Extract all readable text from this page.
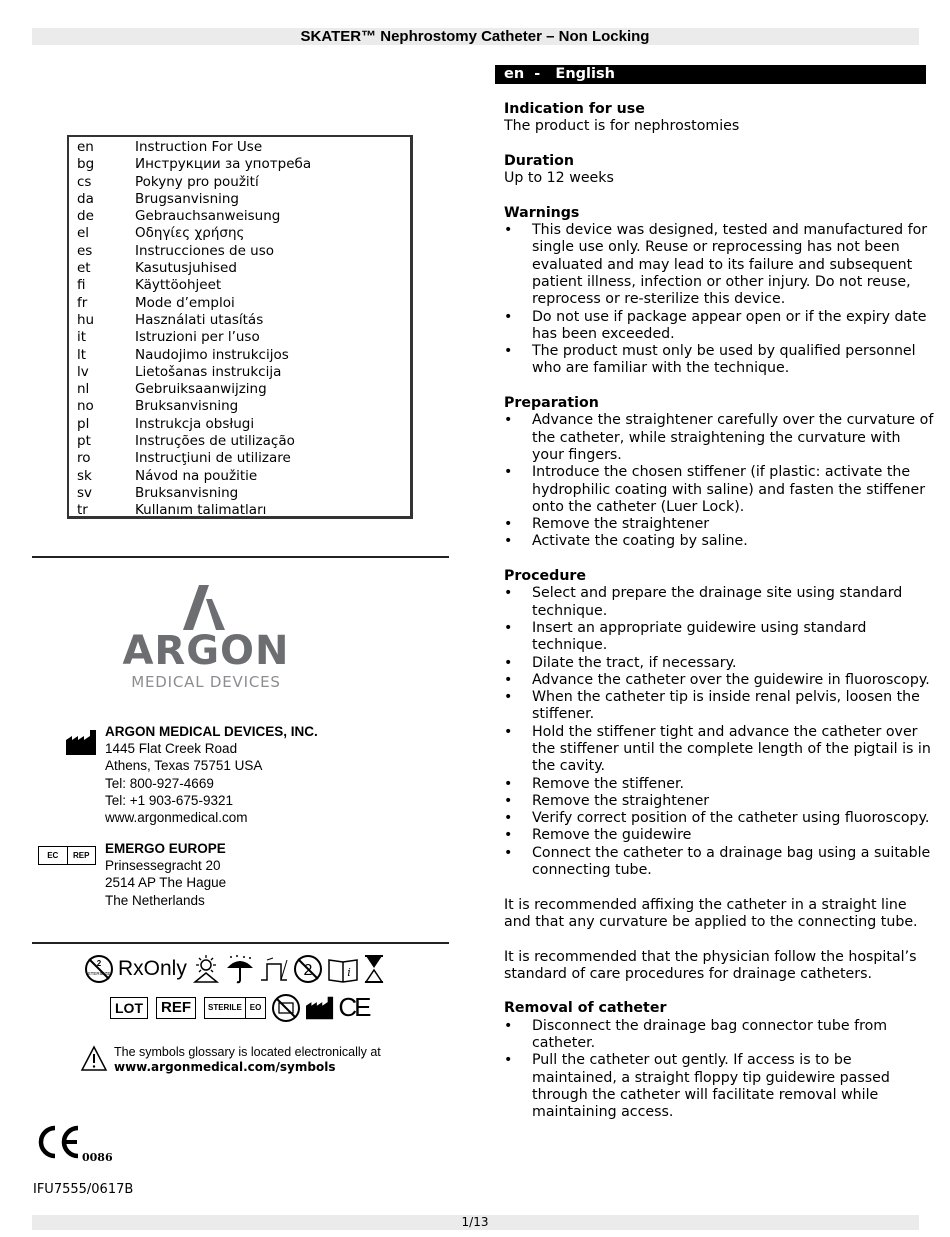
SKATER™ Nephrostomy Catheter – Non Locking
en	Instruction For Use
bg	Инструкции за употреба
cs	Pokyny pro použití
da	Brugsanvisning
de	Gebrauchsanweisung
el	Οδηγίες χρήσης
es	Instrucciones de uso
et	Kasutusjuhised
fi	Käyttöohjeet
fr	Mode d’emploi
hu	Használati utasítás
it	Istruzioni per l’uso
lt	Naudojimo instrukcijos
lv	Lietošanas instrukcija
nl	Gebruiksaanwijzing
no	Bruksanvisning
pl	Instrukcja obsługi
pt	Instruções de utilização
ro	Instrucţiuni de utilizare
sk	Návod na použitie
sv	Bruksanvisning
tr	Kullanım talimatları
ARGON
MEDICAL DEVICES
ARGON MEDICAL DEVICES, INC.
1445 Flat Creek Road
Athens, Texas 75751 USA
Tel: 800-927-4669
Tel: +1 903-675-9321
www.argonmedical.com
EC	REP	EMERGO EUROPE
Prinsessegracht 20
2514 AP The Hague
The Netherlands
2
STERILIZE RxOnly	2	i
LOT	REF	STERILE	EO	CE
The symbols glossary is located electronically at
www.argonmedical.com/symbols
0086
IFU7555/0617B
en  -   English
Indication for use

The product is for nephrostomies

Duration

Up to 12 weeks

Warnings
• This device was designed, tested and manufactured for single use only. Reuse or reprocessing has not been evaluated and may lead to its failure and subsequent patient illness, infection or other injury. Do not reuse, reprocess or re-sterilize this device.
• Do not use if package appear open or if the expiry date has been exceeded.
• The product must only be used by qualified personnel who are familiar with the technique.
Preparation
• Advance the straightener carefully over the curvature of the catheter, while straightening the curvature with your fingers.
• Introduce the chosen stiffener (if plastic: activate the hydrophilic coating with saline) and fasten the stiffener onto the catheter (Luer Lock).
• Remove the straightener
• Activate the coating by saline.
Procedure
• Select and prepare the drainage site using standard technique.
• Insert an appropriate guidewire using standard technique.
• Dilate the tract, if necessary.
• Advance the catheter over the guidewire in fluoroscopy.
• When the catheter tip is inside renal pelvis, loosen the stiffener.
• Hold the stiffener tight and advance the catheter over the stiffener until the complete length of the pigtail is in the cavity.
• Remove the stiffener.
• Remove the straightener
• Verify correct position of the catheter using fluoroscopy.
• Remove the guidewire
• Connect the catheter to a drainage bag using a suitable connecting tube.

It is recommended affixing the catheter in a straight line and that any curvature be applied to the connecting tube.

It is recommended that the physician follow the hospital’s standard of care procedures for drainage catheters.

Removal of catheter
• Disconnect the drainage bag connector tube from catheter.
• Pull the catheter out gently. If access is to be maintained, a straight floppy tip guidewire passed through the catheter will facilitate removal while maintaining access.
1/13
